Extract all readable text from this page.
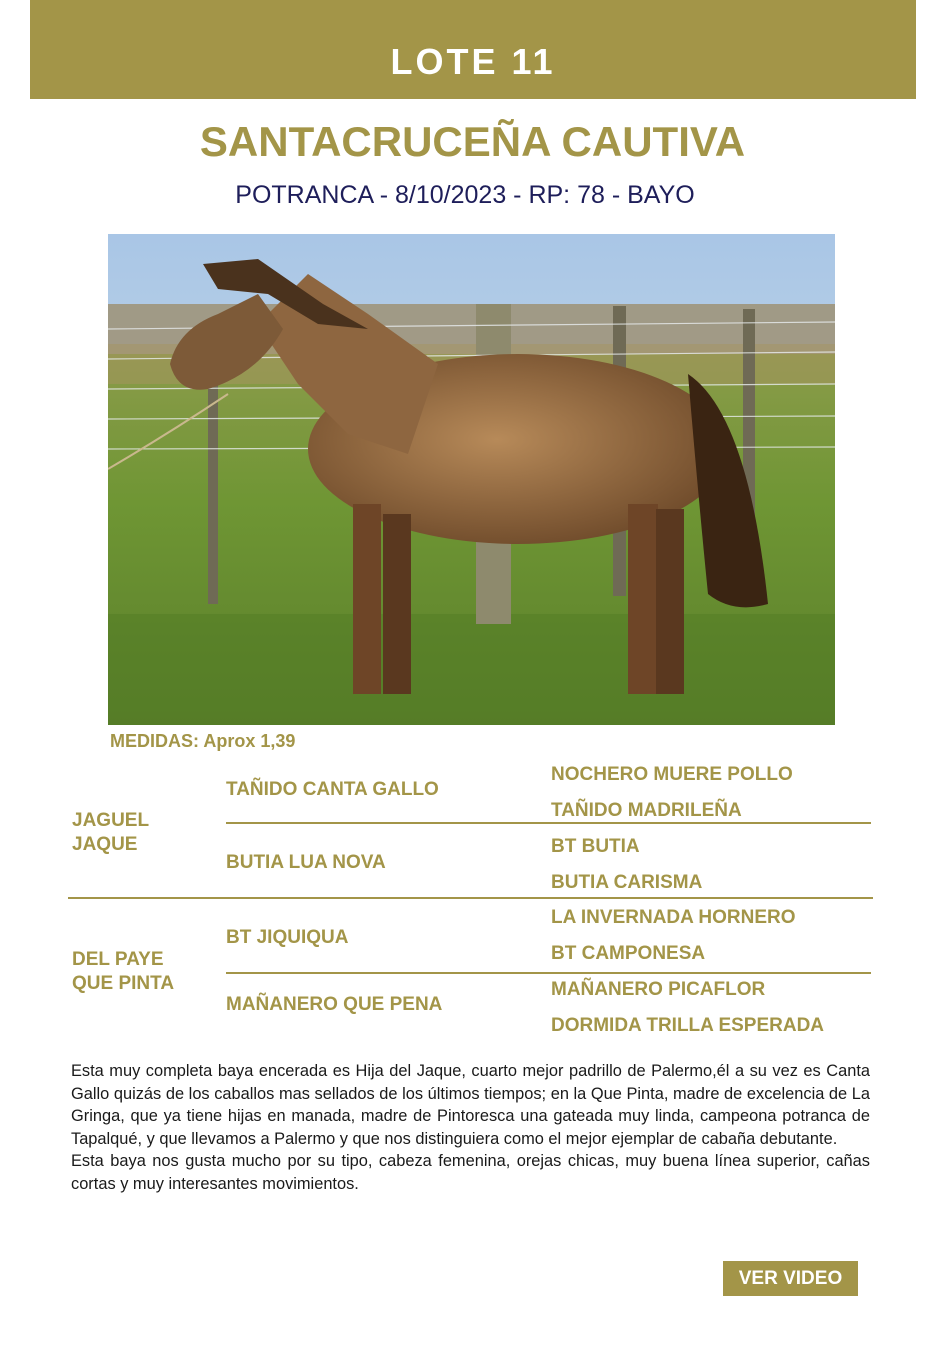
LOTE 11
SANTACRUCEÑA CAUTIVA
POTRANCA - 8/10/2023 - RP: 78 - BAYO
MEDIDAS: Aprox 1,39
JAGUEL
JAQUE
TAÑIDO CANTA GALLO
NOCHERO MUERE POLLO
TAÑIDO MADRILEÑA
BUTIA LUA NOVA
BT BUTIA
BUTIA CARISMA
DEL PAYE
QUE PINTA
BT JIQUIQUA
LA INVERNADA HORNERO
BT CAMPONESA
MAÑANERO QUE PENA
MAÑANERO PICAFLOR
DORMIDA TRILLA ESPERADA

Esta muy completa baya encerada es Hija del Jaque, cuarto mejor padrillo de Palermo,él a su vez es Canta Gallo quizás de los caballos mas sellados de los últimos tiempos; en la Que Pinta, madre de excelencia de La Gringa, que ya tiene hijas en manada, madre de Pintoresca una gateada muy linda, campeona potranca de Tapalqué, y que llevamos a Palermo y que nos distinguiera como el mejor ejemplar de cabaña debutante.

Esta baya nos gusta mucho por su tipo, cabeza femenina, orejas chicas, muy buena línea superior, cañas cortas y muy interesantes movimientos.

VER VIDEO
